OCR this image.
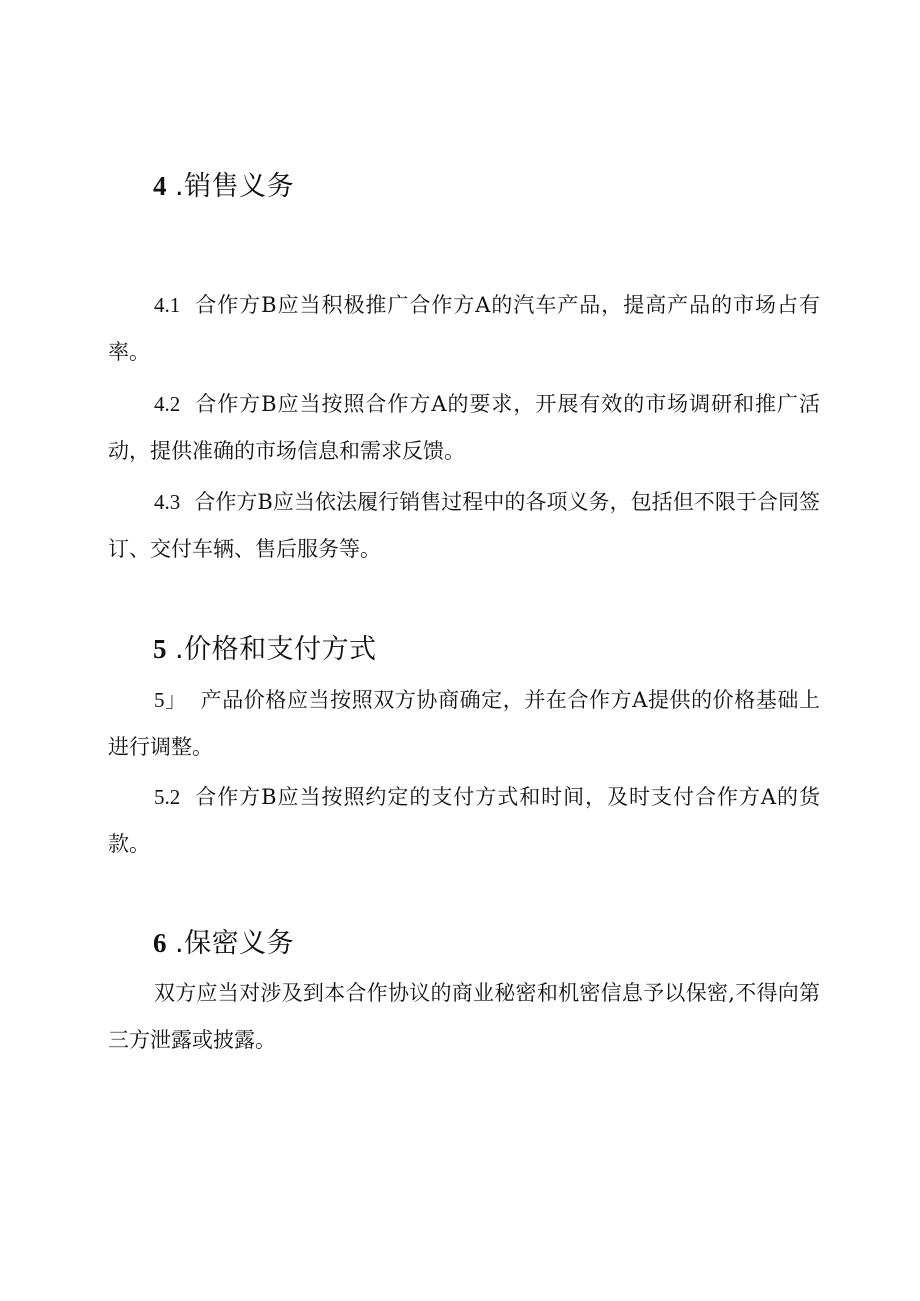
4 .销售义务

4.1 合作方B应当积极推广合作方A的汽车产品，提高产品的市场占有率。

4.2 合作方B应当按照合作方A的要求，开展有效的市场调研和推广活动，提供准确的市场信息和需求反馈。

4.3 合作方B应当依法履行销售过程中的各项义务，包括但不限于合同签订、交付车辆、售后服务等。

5 .价格和支付方式

5」 产品价格应当按照双方协商确定，并在合作方A提供的价格基础上进行调整。

5.2 合作方B应当按照约定的支付方式和时间，及时支付合作方A的货款。

6 .保密义务

双方应当对涉及到本合作协议的商业秘密和机密信息予以保密,不得向第三方泄露或披露。
